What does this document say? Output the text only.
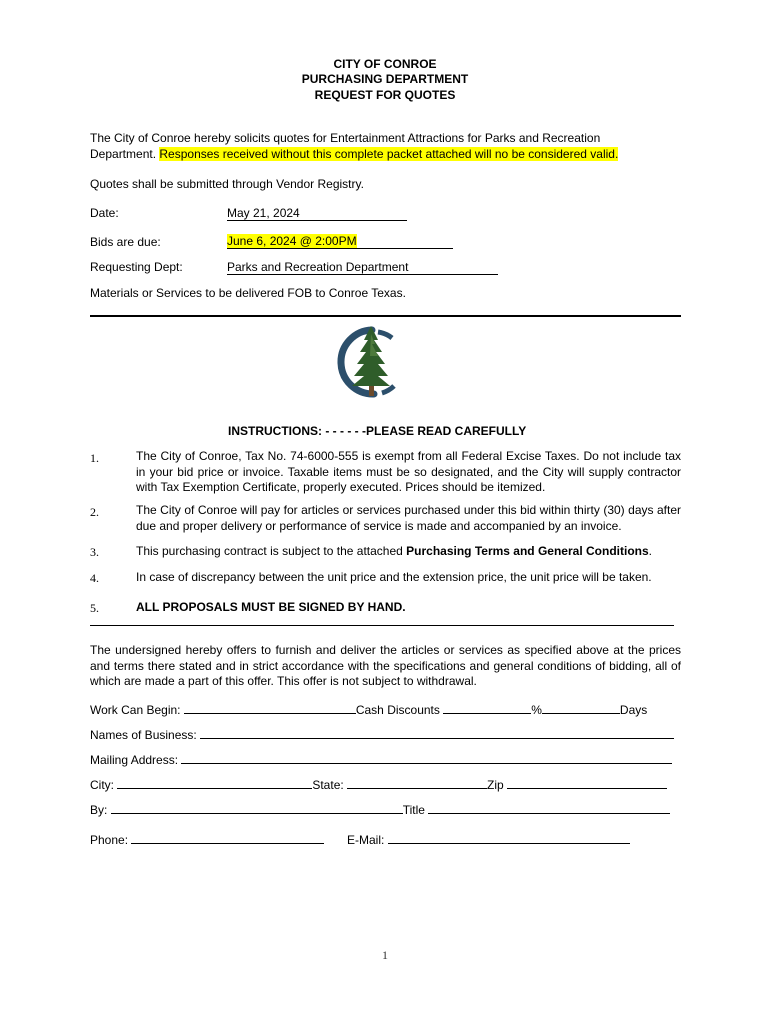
CITY OF CONROE
PURCHASING DEPARTMENT
REQUEST FOR QUOTES
The City of Conroe hereby solicits quotes for Entertainment Attractions for Parks and Recreation
Department. Responses received without this complete packet attached will no be considered valid.
Quotes shall be submitted through Vendor Registry.
Date:	May 21, 2024
Bids are due:	June 6, 2024 @ 2:00PM
Requesting Dept:	Parks and Recreation Department
Materials or Services to be delivered FOB to Conroe Texas.
INSTRUCTIONS: - - - - - -PLEASE READ CAREFULLY
1.	The City of Conroe, Tax No. 74-6000-555 is exempt from all Federal Excise Taxes. Do not include tax in your bid price or invoice. Taxable items must be so designated, and the City will supply contractor with Tax Exemption Certificate, properly executed. Prices should be itemized.
2.	The City of Conroe will pay for articles or services purchased under this bid within thirty (30) days after due and proper delivery or performance of service is made and accompanied by an invoice.
3.	This purchasing contract is subject to the attached Purchasing Terms and General Conditions.
4.	In case of discrepancy between the unit price and the extension price, the unit price will be taken.
5.	ALL PROPOSALS MUST BE SIGNED BY HAND.
The undersigned hereby offers to furnish and deliver the articles or services as specified above at the prices and terms there stated and in strict accordance with the specifications and general conditions of bidding, all of which are made a part of this offer. This offer is not subject to withdrawal.
Work Can Begin:	Cash Discounts	%	Days
Names of Business:
Mailing Address:
City:	State:	Zip
By:	Title
Phone:	E-Mail:
1
